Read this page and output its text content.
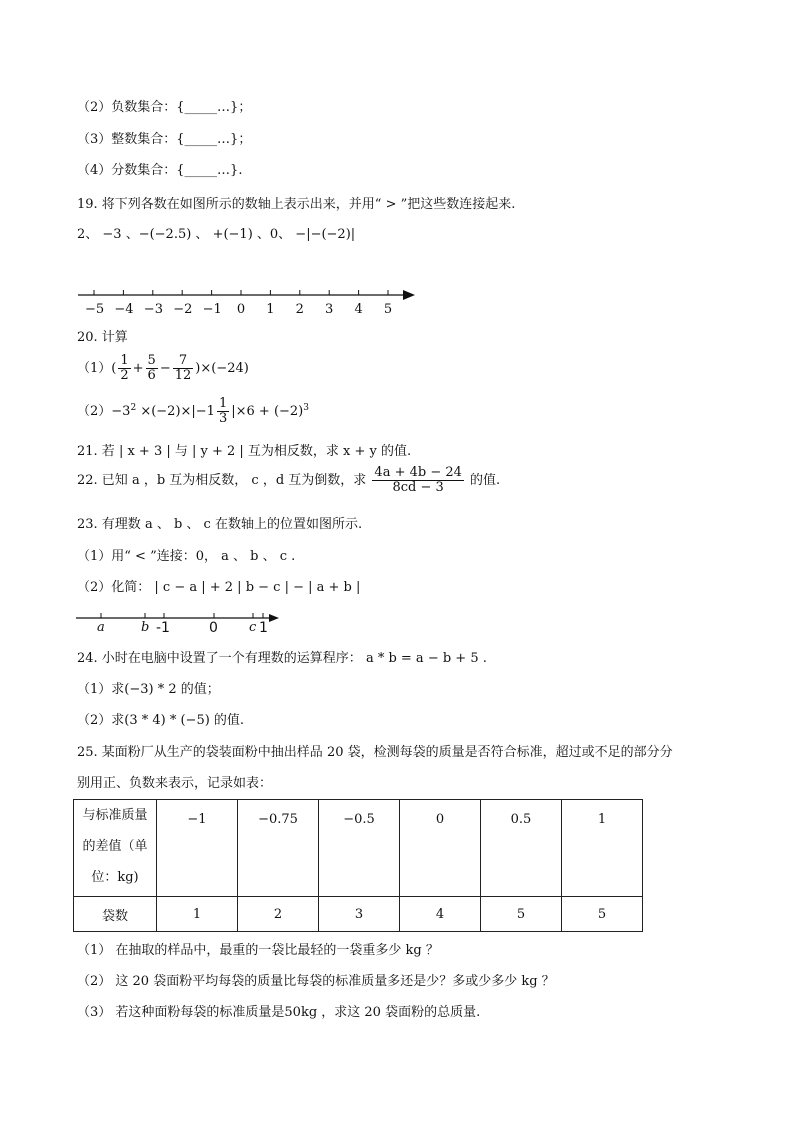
（2）负数集合：{_____…}；
（3）整数集合：{_____…}；
（4）分数集合：{_____…}.
19. 将下列各数在如图所示的数轴上表示出来，并用“ > ”把这些数连接起来.
2、 −3 、−(−2.5) 、 +(−1) 、0、 −|−(−2)|
−5 −4 −3 −2 −1	0	1	2	3	4	5
20. 计算
$(1)( \frac{1}{2} + \frac{5}{6} - \frac{7}{12} )\times(-24)$
$(2)-3^2 \times(-2)\times|-1 \frac{1}{3} |\times 6 + (-2)^3$
21. 若 | x + 3 | 与 | y + 2 | 互为相反数，求 x + y 的值.
22. 已知 a ，b 互为相反数， c ，d 互为倒数，求 $\frac{4a + 4b - 24}{8cd - 3}$ 的值.
23. 有理数 a 、 b 、 c 在数轴上的位置如图所示.
（1）用“ < ”连接：0， a 、 b 、 c .
（2）化简： | c − a | + 2 | b − c | − | a + b |
a	b -1	0 c 1
24. 小时在电脑中设置了一个有理数的运算程序： a * b = a − b + 5 .
（1）求(−3) * 2 的值；
（2）求(3 * 4) * (−5) 的值.
25. 某面粉厂从生产的袋装面粉中抽出样品 20 袋，检测每袋的质量是否符合标准，超过或不足的部分分
别用正、负数来表示，记录如表：
与标准质量
的差值（单
位：kg)	−1	−0.75	−0.5	0	0.5	1
袋数	1	2	3	4	5	5
（1） 在抽取的样品中，最重的一袋比最轻的一袋重多少 kg ？
（2） 这 20 袋面粉平均每袋的质量比每袋的标准质量多还是少？多或少多少 kg ？
（3） 若这种面粉每袋的标准质量是50kg ，求这 20 袋面粉的总质量.
